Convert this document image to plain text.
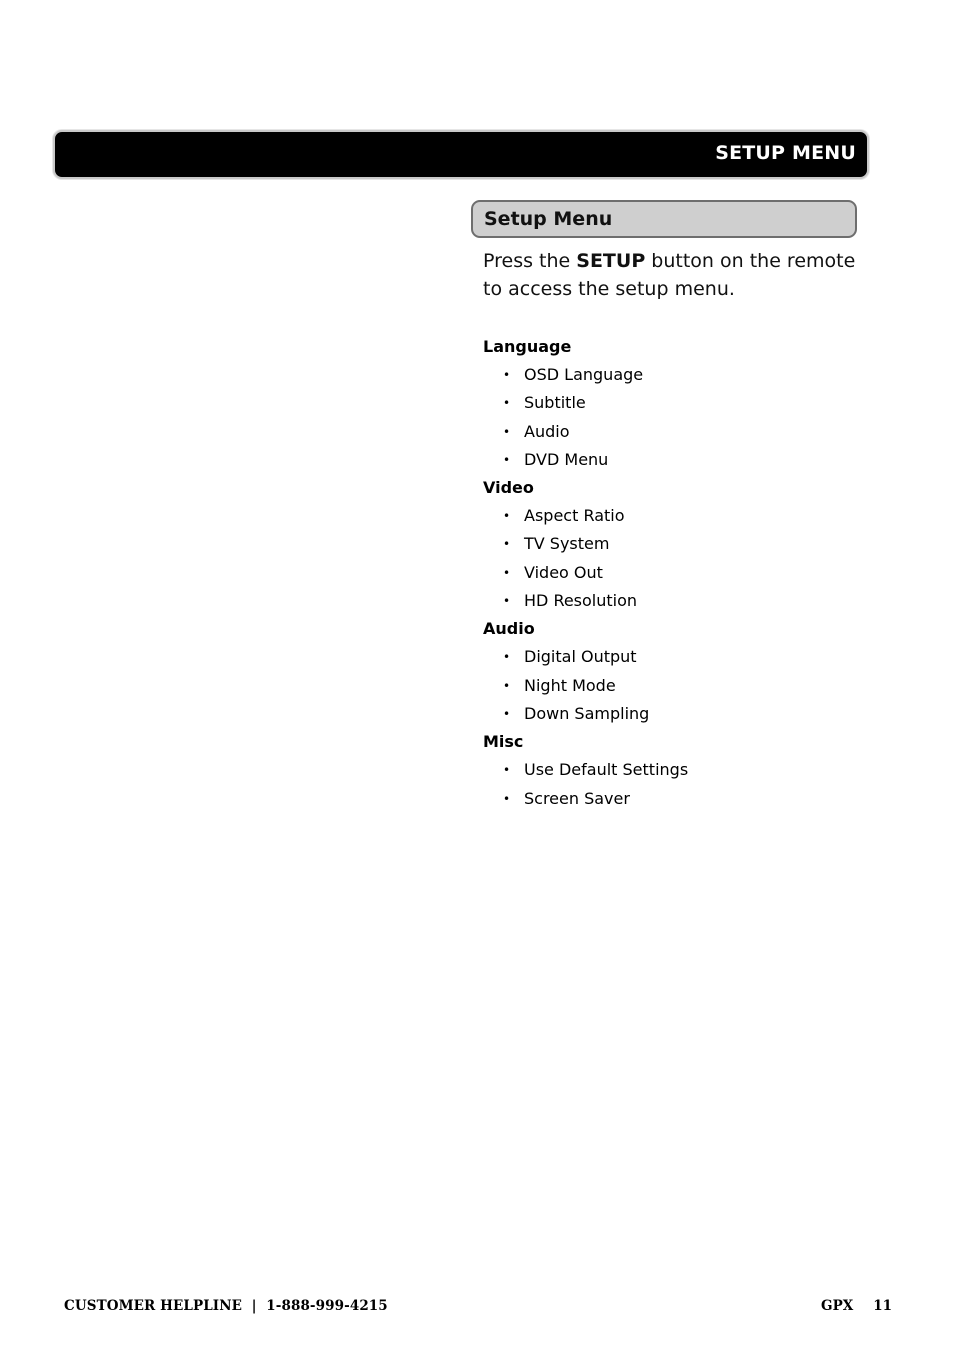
SETUP MENU
Setup Menu
Press the SETUP button on the remote to access the setup menu.
Language
• OSD Language
• Subtitle
• Audio
• DVD Menu
Video
• Aspect Ratio
• TV System
• Video Out
• HD Resolution
Audio
• Digital Output
• Night Mode
• Down Sampling
Misc
• Use Default Settings
• Screen Saver
CUSTOMER HELPLINE  |  1-888-999-4215	GPX 11
